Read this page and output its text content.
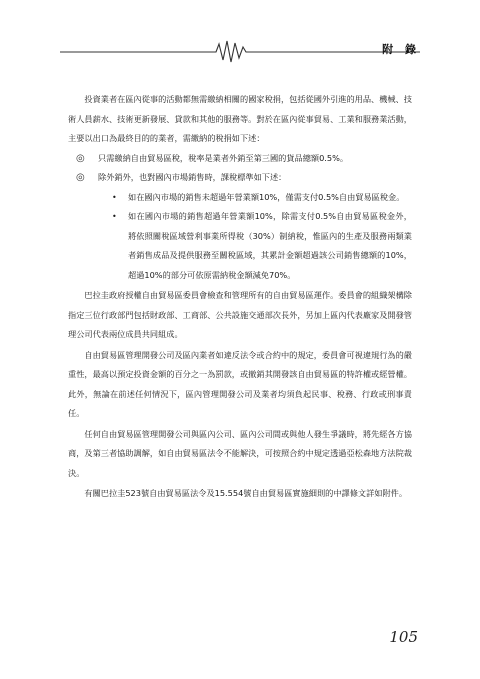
附 錄

投資業者在區內從事的活動都無需繳納相關的國家稅捐，包括從國外引進的用品、機械、技術人員薪水、技術更新發展、貸款和其他的服務等。對於在區內從事貿易、工業和服務業活動，主要以出口為最終目的的業者，需繳納的稅捐如下述：

◎	只需繳納自由貿易區稅，稅率是業者外銷至第三國的貨品總額0.5%。
◎	除外銷外，也對國內市場銷售時，課稅標準如下述：
•	如在國內市場的銷售未超過年營業額10%，僅需支付0.5%自由貿易區稅金。
•	如在國內市場的銷售超過年營業額10%，除需支付0.5%自由貿易區稅金外，將依照關稅區域營利事業所得稅（30%）制納稅，惟區內的生產及服務兩類業者銷售成品及提供服務至關稅區域，其累計金額超過該公司銷售總額的10%，超過10%的部分可依原需納稅金額減免70%。

巴拉圭政府授權自由貿易區委員會檢查和管理所有的自由貿易區運作。委員會的組織架構除指定三位行政部門包括財政部、工商部、公共設施交通部次長外，另加上區內代表廠家及開發管理公司代表兩位成員共同組成。

自由貿易區管理開發公司及區內業者如違反法令或合約中的規定，委員會可視違規行為的嚴重性，最高以預定投資金額的百分之一為罰款，或撤銷其開發該自由貿易區的特許權或經營權。此外，無論在前述任何情況下，區內管理開發公司及業者均須負起民事、稅務、行政或刑事責任。

任何自由貿易區管理開發公司與區內公司、區內公司間或與他人發生爭議時，將先經各方協商，及第三者協助調解，如自由貿易區法令不能解決，可按照合約中規定透過亞松森地方法院裁決。

有關巴拉圭523號自由貿易區法令及15.554號自由貿易區實施細則的中譯條文詳如附件。

105
